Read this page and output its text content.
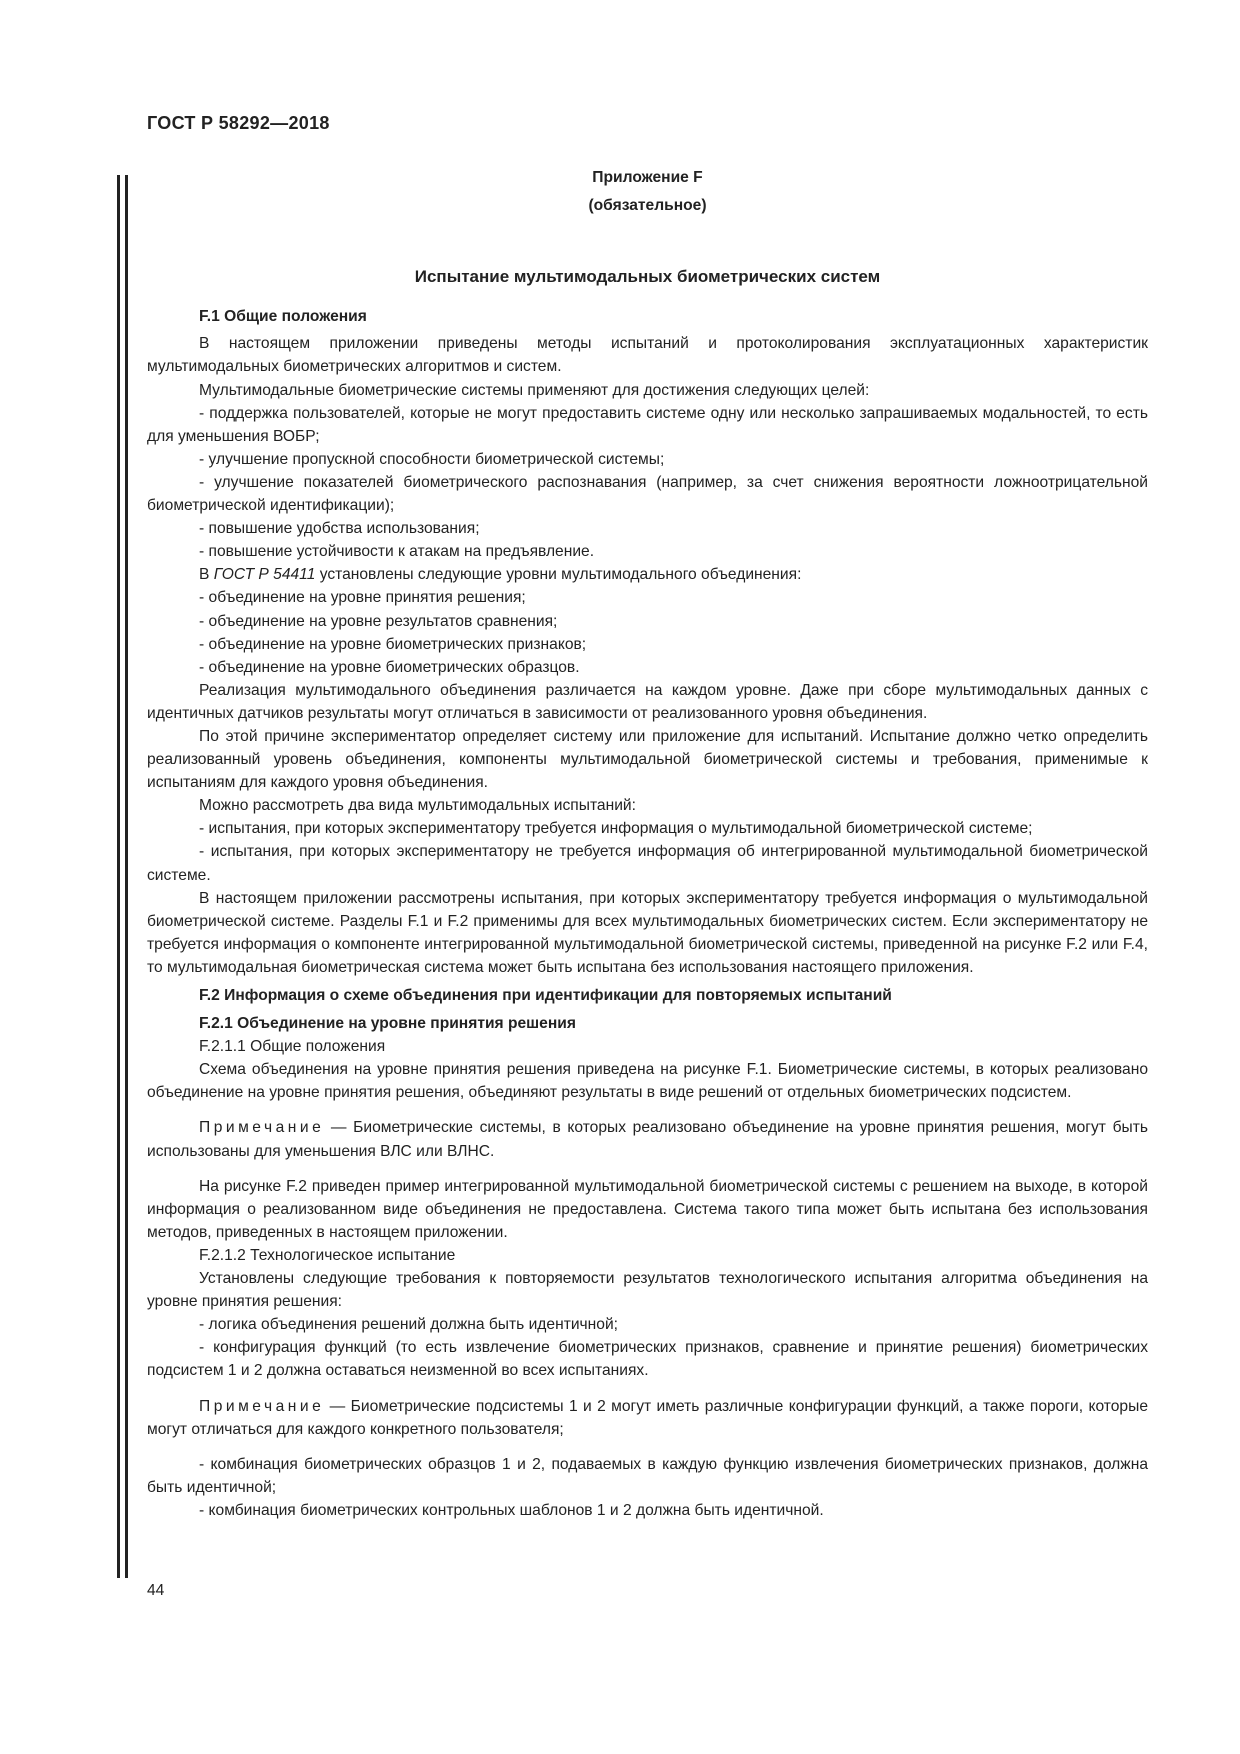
ГОСТ Р 58292—2018
Приложение F
(обязательное)
Испытание мультимодальных биометрических систем
F.1 Общие положения

В настоящем приложении приведены методы испытаний и протоколирования эксплуатационных характеристик мультимодальных биометрических алгоритмов и систем.

Мультимодальные биометрические системы применяют для достижения следующих целей:

- поддержка пользователей, которые не могут предоставить системе одну или несколько запрашиваемых модальностей, то есть для уменьшения ВОБР;

- улучшение пропускной способности биометрической системы;

- улучшение показателей биометрического распознавания (например, за счет снижения вероятности ложноотрицательной биометрической идентификации);

- повышение удобства использования;

- повышение устойчивости к атакам на предъявление.

В ГОСТ Р 54411 установлены следующие уровни мультимодального объединения:

- объединение на уровне принятия решения;

- объединение на уровне результатов сравнения;

- объединение на уровне биометрических признаков;

- объединение на уровне биометрических образцов.

Реализация мультимодального объединения различается на каждом уровне. Даже при сборе мультимодальных данных с идентичных датчиков результаты могут отличаться в зависимости от реализованного уровня объединения.

По этой причине экспериментатор определяет систему или приложение для испытаний. Испытание должно четко определить реализованный уровень объединения, компоненты мультимодальной биометрической системы и требования, применимые к испытаниям для каждого уровня объединения.

Можно рассмотреть два вида мультимодальных испытаний:

- испытания, при которых экспериментатору требуется информация о мультимодальной биометрической системе;

- испытания, при которых экспериментатору не требуется информация об интегрированной мультимодальной биометрической системе.

В настоящем приложении рассмотрены испытания, при которых экспериментатору требуется информация о мультимодальной биометрической системе. Разделы F.1 и F.2 применимы для всех мультимодальных биометрических систем. Если экспериментатору не требуется информация о компоненте интегрированной мультимодальной биометрической системы, приведенной на рисунке F.2 или F.4, то мультимодальная биометрическая система может быть испытана без использования настоящего приложения.

F.2 Информация о схеме объединения при идентификации для повторяемых испытаний
F.2.1 Объединение на уровне принятия решения

F.2.1.1 Общие положения

Схема объединения на уровне принятия решения приведена на рисунке F.1. Биометрические системы, в которых реализовано объединение на уровне принятия решения, объединяют результаты в виде решений от отдельных биометрических подсистем.

Примечание — Биометрические системы, в которых реализовано объединение на уровне принятия решения, могут быть использованы для уменьшения ВЛС или ВЛНС.

На рисунке F.2 приведен пример интегрированной мультимодальной биометрической системы с решением на выходе, в которой информация о реализованном виде объединения не предоставлена. Система такого типа может быть испытана без использования методов, приведенных в настоящем приложении.

F.2.1.2 Технологическое испытание

Установлены следующие требования к повторяемости результатов технологического испытания алгоритма объединения на уровне принятия решения:

- логика объединения решений должна быть идентичной;

- конфигурация функций (то есть извлечение биометрических признаков, сравнение и принятие решения) биометрических подсистем 1 и 2 должна оставаться неизменной во всех испытаниях.

Примечание — Биометрические подсистемы 1 и 2 могут иметь различные конфигурации функций, а также пороги, которые могут отличаться для каждого конкретного пользователя;

- комбинация биометрических образцов 1 и 2, подаваемых в каждую функцию извлечения биометрических признаков, должна быть идентичной;

- комбинация биометрических контрольных шаблонов 1 и 2 должна быть идентичной.

44
